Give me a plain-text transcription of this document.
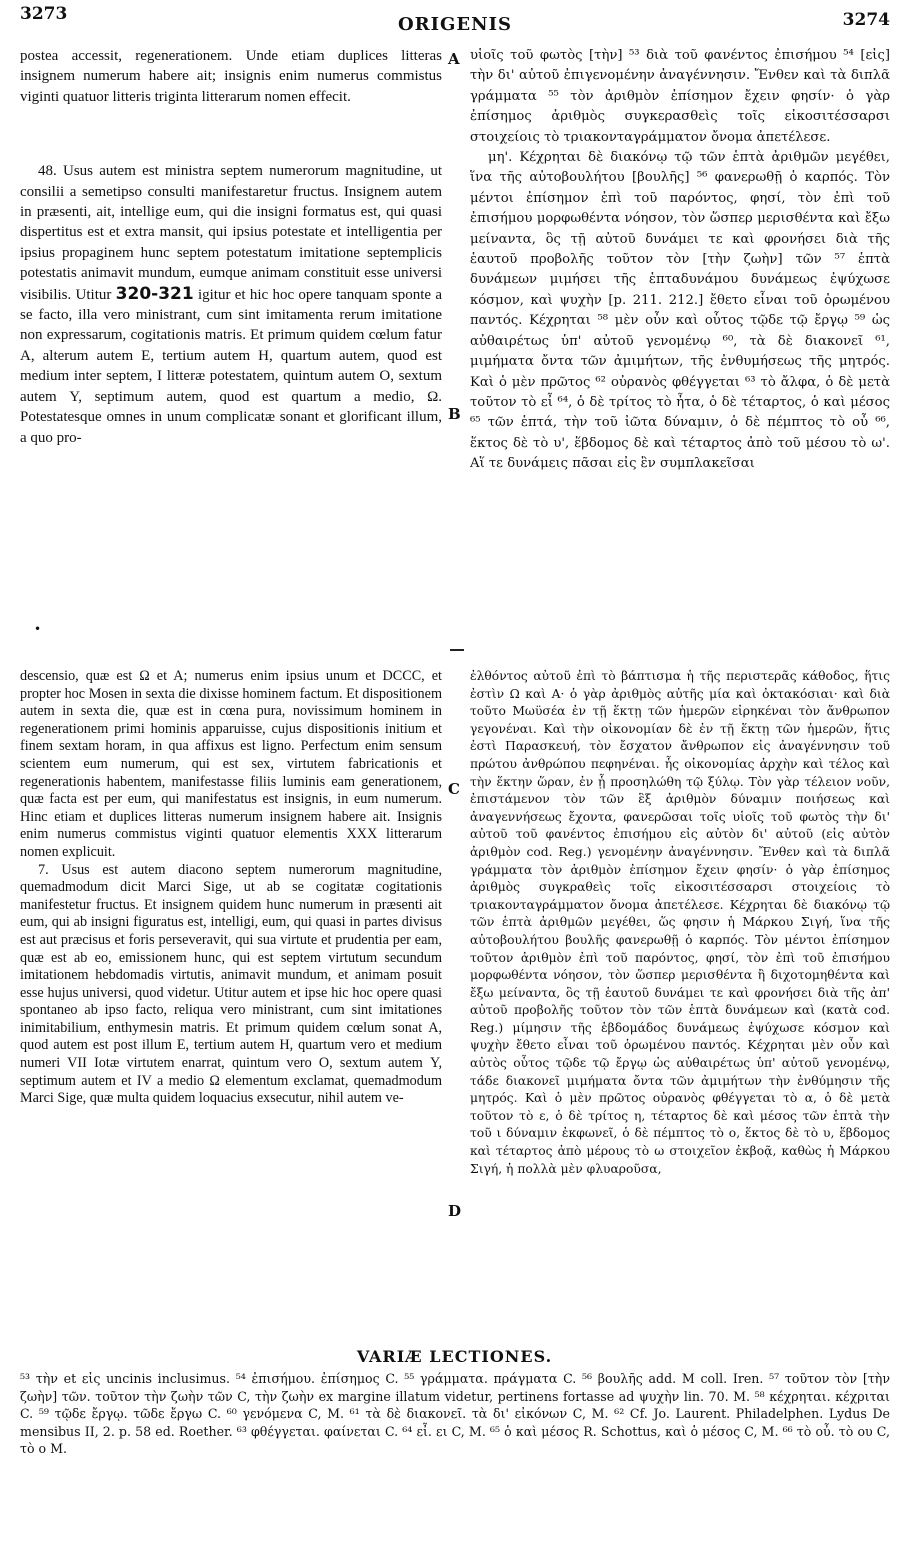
3273	ORIGENIS	3274

postea accessit, regenerationem. Unde etiam duplices litteras insignem numerum habere ait; insignis enim numerus commistus viginti quatuor litteris triginta litterarum nomen effecit.

48. Usus autem est ministra septem numerorum magnitudine, ut consilii a semetipso consulti manifestaretur fructus. Insignem autem in præsenti, ait, intellige eum, qui die insigni formatus est, qui quasi dispertitus est et extra mansit, qui ipsius potestate et intelligentia per ipsius propaginem hunc septem potestatum imitatione septemplicis potestatis animavit mundum, eumque animam constituit esse universi visibilis. Utitur 320-321 igitur et hic hoc opere tanquam sponte a se facto, illa vero ministrant, cum sint imitamenta rerum imitatione non expressarum, cogitationis matris. Et primum quidem cœlum fatur A, alterum autem E, tertium autem H, quartum autem, quod est medium inter septem, I litteræ potestatem, quintum autem O, sextum autem Υ, septimum autem, quod est quartum a medio, Ω. Potestatesque omnes in unum complicatæ sonant et glorificant illum, a quo pro-

•

υἱοῖς τοῦ φωτὸς [τὴν] ⁵³ διὰ τοῦ φανέντος ἐπισήμου ⁵⁴ [εἰς] τὴν δι' αὐτοῦ ἐπιγενομένην ἀναγέννησιν. Ἔνθεν καὶ τὰ διπλᾶ γράμματα ⁵⁵ τὸν ἀριθμὸν ἐπίσημον ἔχειν φησίν· ὁ γὰρ ἐπίσημος ἀριθμὸς συγκερασθεὶς τοῖς εἰκοσιτέσσαρσι στοιχείοις τὸ τριακονταγράμματον ὄνομα ἀπετέλεσε.

μη'. Κέχρηται δὲ διακόνῳ τῷ τῶν ἑπτὰ ἀριθμῶν μεγέθει, ἵνα τῆς αὐτοβουλήτου [βουλῆς] ⁵⁶ φανερωθῇ ὁ καρπός. Τὸν μέντοι ἐπίσημον ἐπὶ τοῦ παρόντος, φησί, τὸν ἐπὶ τοῦ ἐπισήμου μορφωθέντα νόησον, τὸν ὥσπερ μερισθέντα καὶ ἔξω μείναντα, ὃς τῇ αὐτοῦ δυνάμει τε καὶ φρονήσει διὰ τῆς ἑαυτοῦ προβολῆς τοῦτον τὸν [τὴν ζωὴν] τῶν ⁵⁷ ἑπτὰ δυνάμεων μιμήσει τῆς ἑπταδυνάμου δυνάμεως ἐψύχωσε κόσμον, καὶ ψυχὴν [p. 211. 212.] ἔθετο εἶναι τοῦ ὁρωμένου παντός. Κέχρηται ⁵⁸ μὲν οὖν καὶ οὗτος τῷδε τῷ ἔργῳ ⁵⁹ ὡς αὐθαιρέτως ὑπ' αὐτοῦ γενομένῳ ⁶⁰, τὰ δὲ διακονεῖ ⁶¹, μιμήματα ὄντα τῶν ἀμιμήτων, τῆς ἐνθυμήσεως τῆς μητρός. Καὶ ὁ μὲν πρῶτος ⁶² οὐρανὸς φθέγγεται ⁶³ τὸ ἄλφα, ὁ δὲ μετὰ τοῦτον τὸ εἶ ⁶⁴, ὁ δὲ τρίτος τὸ ἦτα, ὁ δὲ τέταρτος, ὁ καὶ μέσος ⁶⁵ τῶν ἑπτά, τὴν τοῦ ἰῶτα δύναμιν, ὁ δὲ πέμπτος τὸ οὖ ⁶⁶, ἕκτος δὲ τὸ υ', ἕβδομος δὲ καὶ τέταρτος ἀπὸ τοῦ μέσου τὸ ω'. Αἵ τε δυνάμεις πᾶσαι εἰς ἓν συμπλακεῖσαι

A
B
C
D

descensio, quæ est Ω et A; numerus enim ipsius unum et DCCC, et propter hoc Mosen in sexta die dixisse hominem factum. Et dispositionem autem in sexta die, quæ est in cœna pura, novissimum hominem in regenerationem primi hominis apparuisse, cujus dispositionis initium et finem sextam horam, in qua affixus est ligno. Perfectum enim sensum scientem eum numerum, qui est sex, virtutem fabricationis et regenerationis habentem, manifestasse filiis luminis eam generationem, quæ facta est per eum, qui manifestatus est insignis, in eum numerum. Hinc etiam et duplices litteras numerum insignem habere ait. Insignis enim numerus commistus viginti quatuor elementis XXX litterarum nomen explicuit.

7. Usus est autem diacono septem numerorum magnitudine, quemadmodum dicit Marci Sige, ut ab se cogitatæ cogitationis manifestetur fructus. Et insignem quidem hunc numerum in præsenti ait eum, qui ab insigni figuratus est, intelligi, eum, qui quasi in partes divisus est aut præcisus et foris perseveravit, qui sua virtute et prudentia per eam, quæ est ab eo, emissionem hunc, qui est septem virtutum secundum imitationem hebdomadis virtutis, animavit mundum, et animam posuit esse hujus universi, quod videtur. Utitur autem et ipse hic hoc opere quasi spontaneo ab ipso facto, reliqua vero ministrant, cum sint imitationes inimitabilium, enthymesin matris. Et primum quidem cœlum sonat A, quod autem est post illum E, tertium autem H, quartum vero et medium numeri VII Iotæ virtutem enarrat, quintum vero O, sextum autem Υ, septimum autem et IV a medio Ω elementum exclamat, quemadmodum Marci Sige, quæ multa quidem loquacius exsecutur, nihil autem ve-

ἐλθόντος αὐτοῦ ἐπὶ τὸ βάπτισμα ἡ τῆς περιστερᾶς κάθοδος, ἥτις ἐστὶν Ω καὶ Α· ὁ γὰρ ἀριθμὸς αὐτῆς μία καὶ ὀκτακόσιαι· καὶ διὰ τοῦτο Μωϋσέα ἐν τῇ ἕκτῃ τῶν ἡμερῶν εἰρηκέναι τὸν ἄνθρωπον γεγονέναι. Καὶ τὴν οἰκονομίαν δὲ ἐν τῇ ἕκτῃ τῶν ἡμερῶν, ἥτις ἐστὶ Παρασκευή, τὸν ἔσχατον ἄνθρωπον εἰς ἀναγέννησιν τοῦ πρώτου ἀνθρώπου πεφηνέναι. ἧς οἰκονομίας ἀρχὴν καὶ τέλος καὶ τὴν ἕκτην ὥραν, ἐν ᾗ προσηλώθη τῷ ξύλῳ. Τὸν γὰρ τέλειον νοῦν, ἐπιστάμενον τὸν τῶν ἓξ ἀριθμὸν δύναμιν ποιήσεως καὶ ἀναγεννήσεως ἔχοντα, φανερῶσαι τοῖς υἱοῖς τοῦ φωτὸς τὴν δι' αὐτοῦ τοῦ φανέντος ἐπισήμου εἰς αὐτὸν δι' αὐτοῦ (εἰς αὐτὸν ἀριθμὸν cod. Reg.) γενομένην ἀναγέννησιν. Ἔνθεν καὶ τὰ διπλᾶ γράμματα τὸν ἀριθμὸν ἐπίσημον ἔχειν φησίν· ὁ γὰρ ἐπίσημος ἀριθμὸς συγκραθεὶς τοῖς εἰκοσιτέσσαρσι στοιχείοις τὸ τριακονταγράμματον ὄνομα ἀπετέλεσε. Κέχρηται δὲ διακόνῳ τῷ τῶν ἑπτὰ ἀριθμῶν μεγέθει, ὥς φησιν ἡ Μάρκου Σιγή, ἵνα τῆς αὐτοβουλήτου βουλῆς φανερωθῇ ὁ καρπός. Τὸν μέντοι ἐπίσημον τοῦτον ἀριθμὸν ἐπὶ τοῦ παρόντος, φησί, τὸν ἐπὶ τοῦ ἐπισήμου μορφωθέντα νόησον, τὸν ὥσπερ μερισθέντα ἢ διχοτομηθέντα καὶ ἔξω μείναντα, ὃς τῇ ἑαυτοῦ δυνάμει τε καὶ φρονήσει διὰ τῆς ἀπ' αὐτοῦ προβολῆς τοῦτον τὸν τῶν ἑπτὰ δυνάμεων καὶ (κατὰ cod. Reg.) μίμησιν τῆς ἑβδομάδος δυνάμεως ἐψύχωσε κόσμον καὶ ψυχὴν ἔθετο εἶναι τοῦ ὁρωμένου παντός. Κέχρηται μὲν οὖν καὶ αὐτὸς οὗτος τῷδε τῷ ἔργῳ ὡς αὐθαιρέτως ὑπ' αὐτοῦ γενομένῳ, τάδε διακονεῖ μιμήματα ὄντα τῶν ἀμιμήτων τὴν ἐνθύμησιν τῆς μητρός. Καὶ ὁ μὲν πρῶτος οὐρανὸς φθέγγεται τὸ α, ὁ δὲ μετὰ τοῦτον τὸ ε, ὁ δὲ τρίτος η, τέταρτος δὲ καὶ μέσος τῶν ἑπτὰ τὴν τοῦ ι δύναμιν ἐκφωνεῖ, ὁ δὲ πέμπτος τὸ ο, ἕκτος δὲ τὸ υ, ἕβδομος καὶ τέταρτος ἀπὸ μέρους τὸ ω στοιχεῖον ἐκβοᾷ, καθὼς ἡ Μάρκου Σιγή, ἡ πολλὰ μὲν φλυαροῦσα,

VARIÆ LECTIONES.
⁵³ τὴν et εἰς uncinis inclusimus. ⁵⁴ ἐπισήμου. ἐπίσημος C. ⁵⁵ γράμματα. πράγματα C. ⁵⁶ βουλῆς add. M coll. Iren. ⁵⁷ τοῦτον τὸν [τὴν ζωὴν] τῶν. τοῦτον τὴν ζωὴν τῶν C, τὴν ζωὴν ex margine illatum videtur, pertinens fortasse ad ψυχὴν lin. 70. M. ⁵⁸ κέχρηται. κέχριται C. ⁵⁹ τῷδε ἔργῳ. τῶδε ἔργω C. ⁶⁰ γενόμενα C, M. ⁶¹ τὰ δὲ διακονεῖ. τὰ δι' εἰκόνων C, M. ⁶² Cf. Jo. Laurent. Philadelphen. Lydus De mensibus II, 2. p. 58 ed. Roether. ⁶³ φθέγγεται. φαίνεται C. ⁶⁴ εἶ. ει C, M. ⁶⁵ ὁ καὶ μέσος R. Schottus, καὶ ὁ μέσος C, M. ⁶⁶ τὸ οὖ. τὸ ου C, τὸ ο M.
